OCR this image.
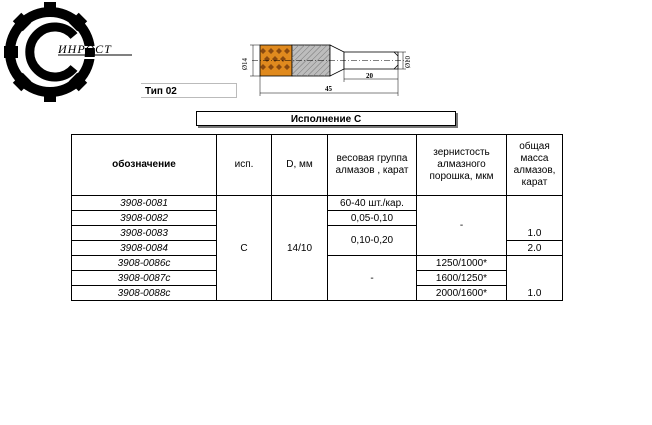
ИНРОСТ
Тип 02
Ø14	Ø10
20
45
Исполнение С
обозначение	исп.	D, мм	весовая группа алмазов , карат	зернистость алмазного порошка, мкм	общая масса алмазов, карат
3908-0081	С	14/10	60-40 шт./кар.	-	1.0
3908-0082			0,05-0,10		
3908-0083			0,10-0,20		
3908-0084					2.0
3908-0086с			-	1250/1000*	1.0
3908-0087с				1600/1250*	
3908-0088с				2000/1600*	
